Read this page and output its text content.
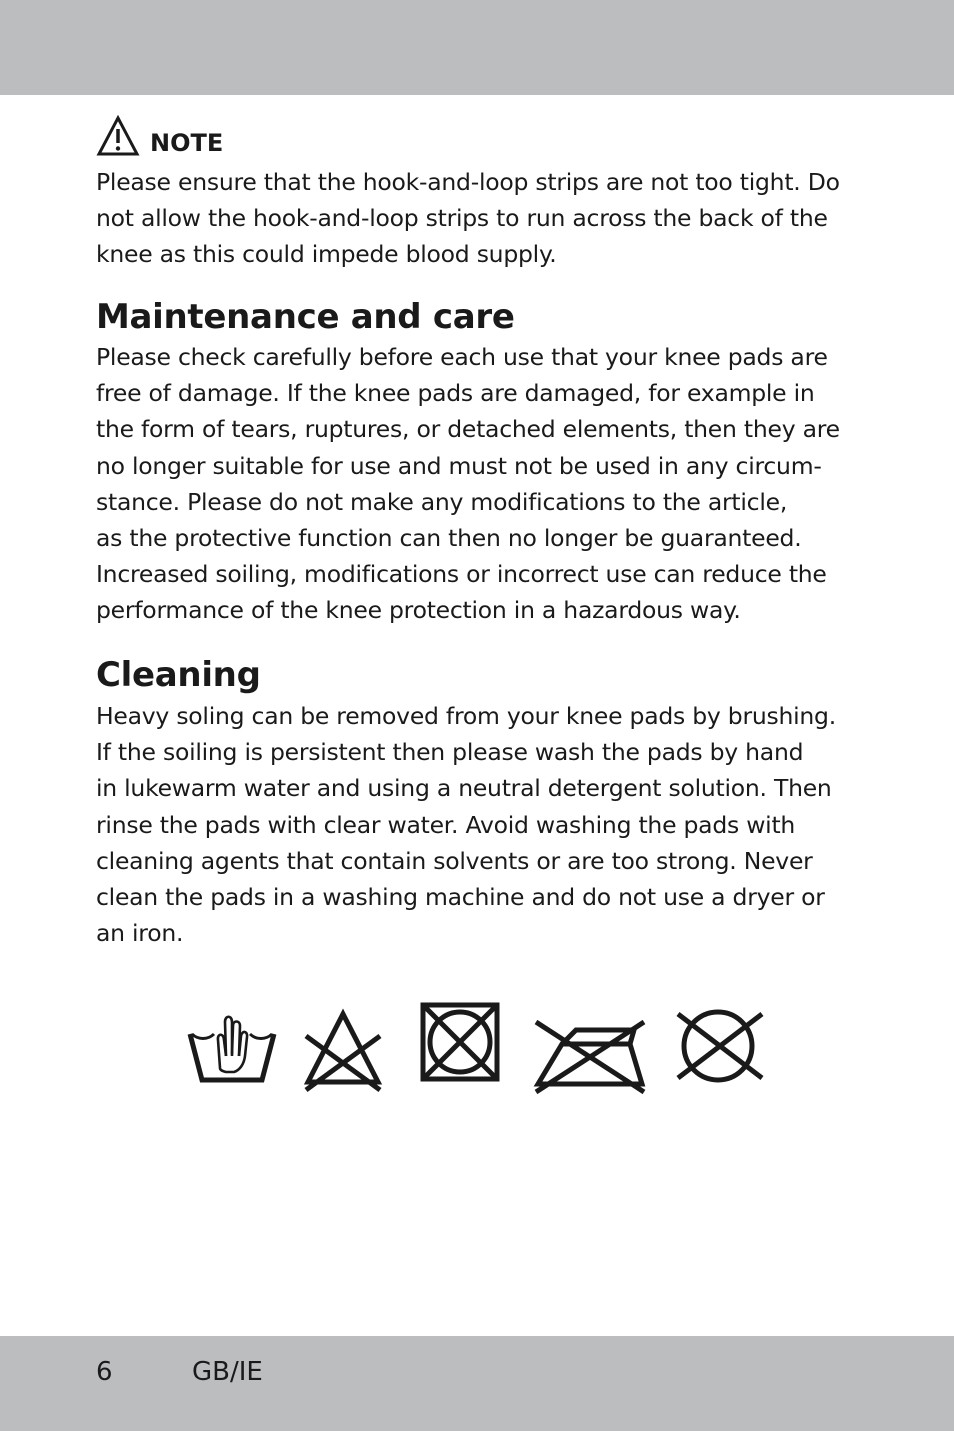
NOTE

Please ensure that the hook-and-loop strips are not too tight. Do
not allow the hook-and-loop strips to run across the back of the
knee as this could impede blood supply.

Maintenance and care

Please check carefully before each use that your knee pads are
free of damage. If the knee pads are damaged, for example in
the form of tears, ruptures, or detached elements, then they are
no longer suitable for use and must not be used in any circum-
stance. Please do not make any modifications to the article,
as the protective function can then no longer be guaranteed.
Increased soiling, modifications or incorrect use can reduce the
performance of the knee protection in a hazardous way.

Cleaning

Heavy soling can be removed from your knee pads by brushing.
If the soiling is persistent then please wash the pads by hand
in lukewarm water and using a neutral detergent solution. Then
rinse the pads with clear water. Avoid washing the pads with
cleaning agents that contain solvents or are too strong. Never
clean the pads in a washing machine and do not use a dryer or
an iron.

6	GB/IE
